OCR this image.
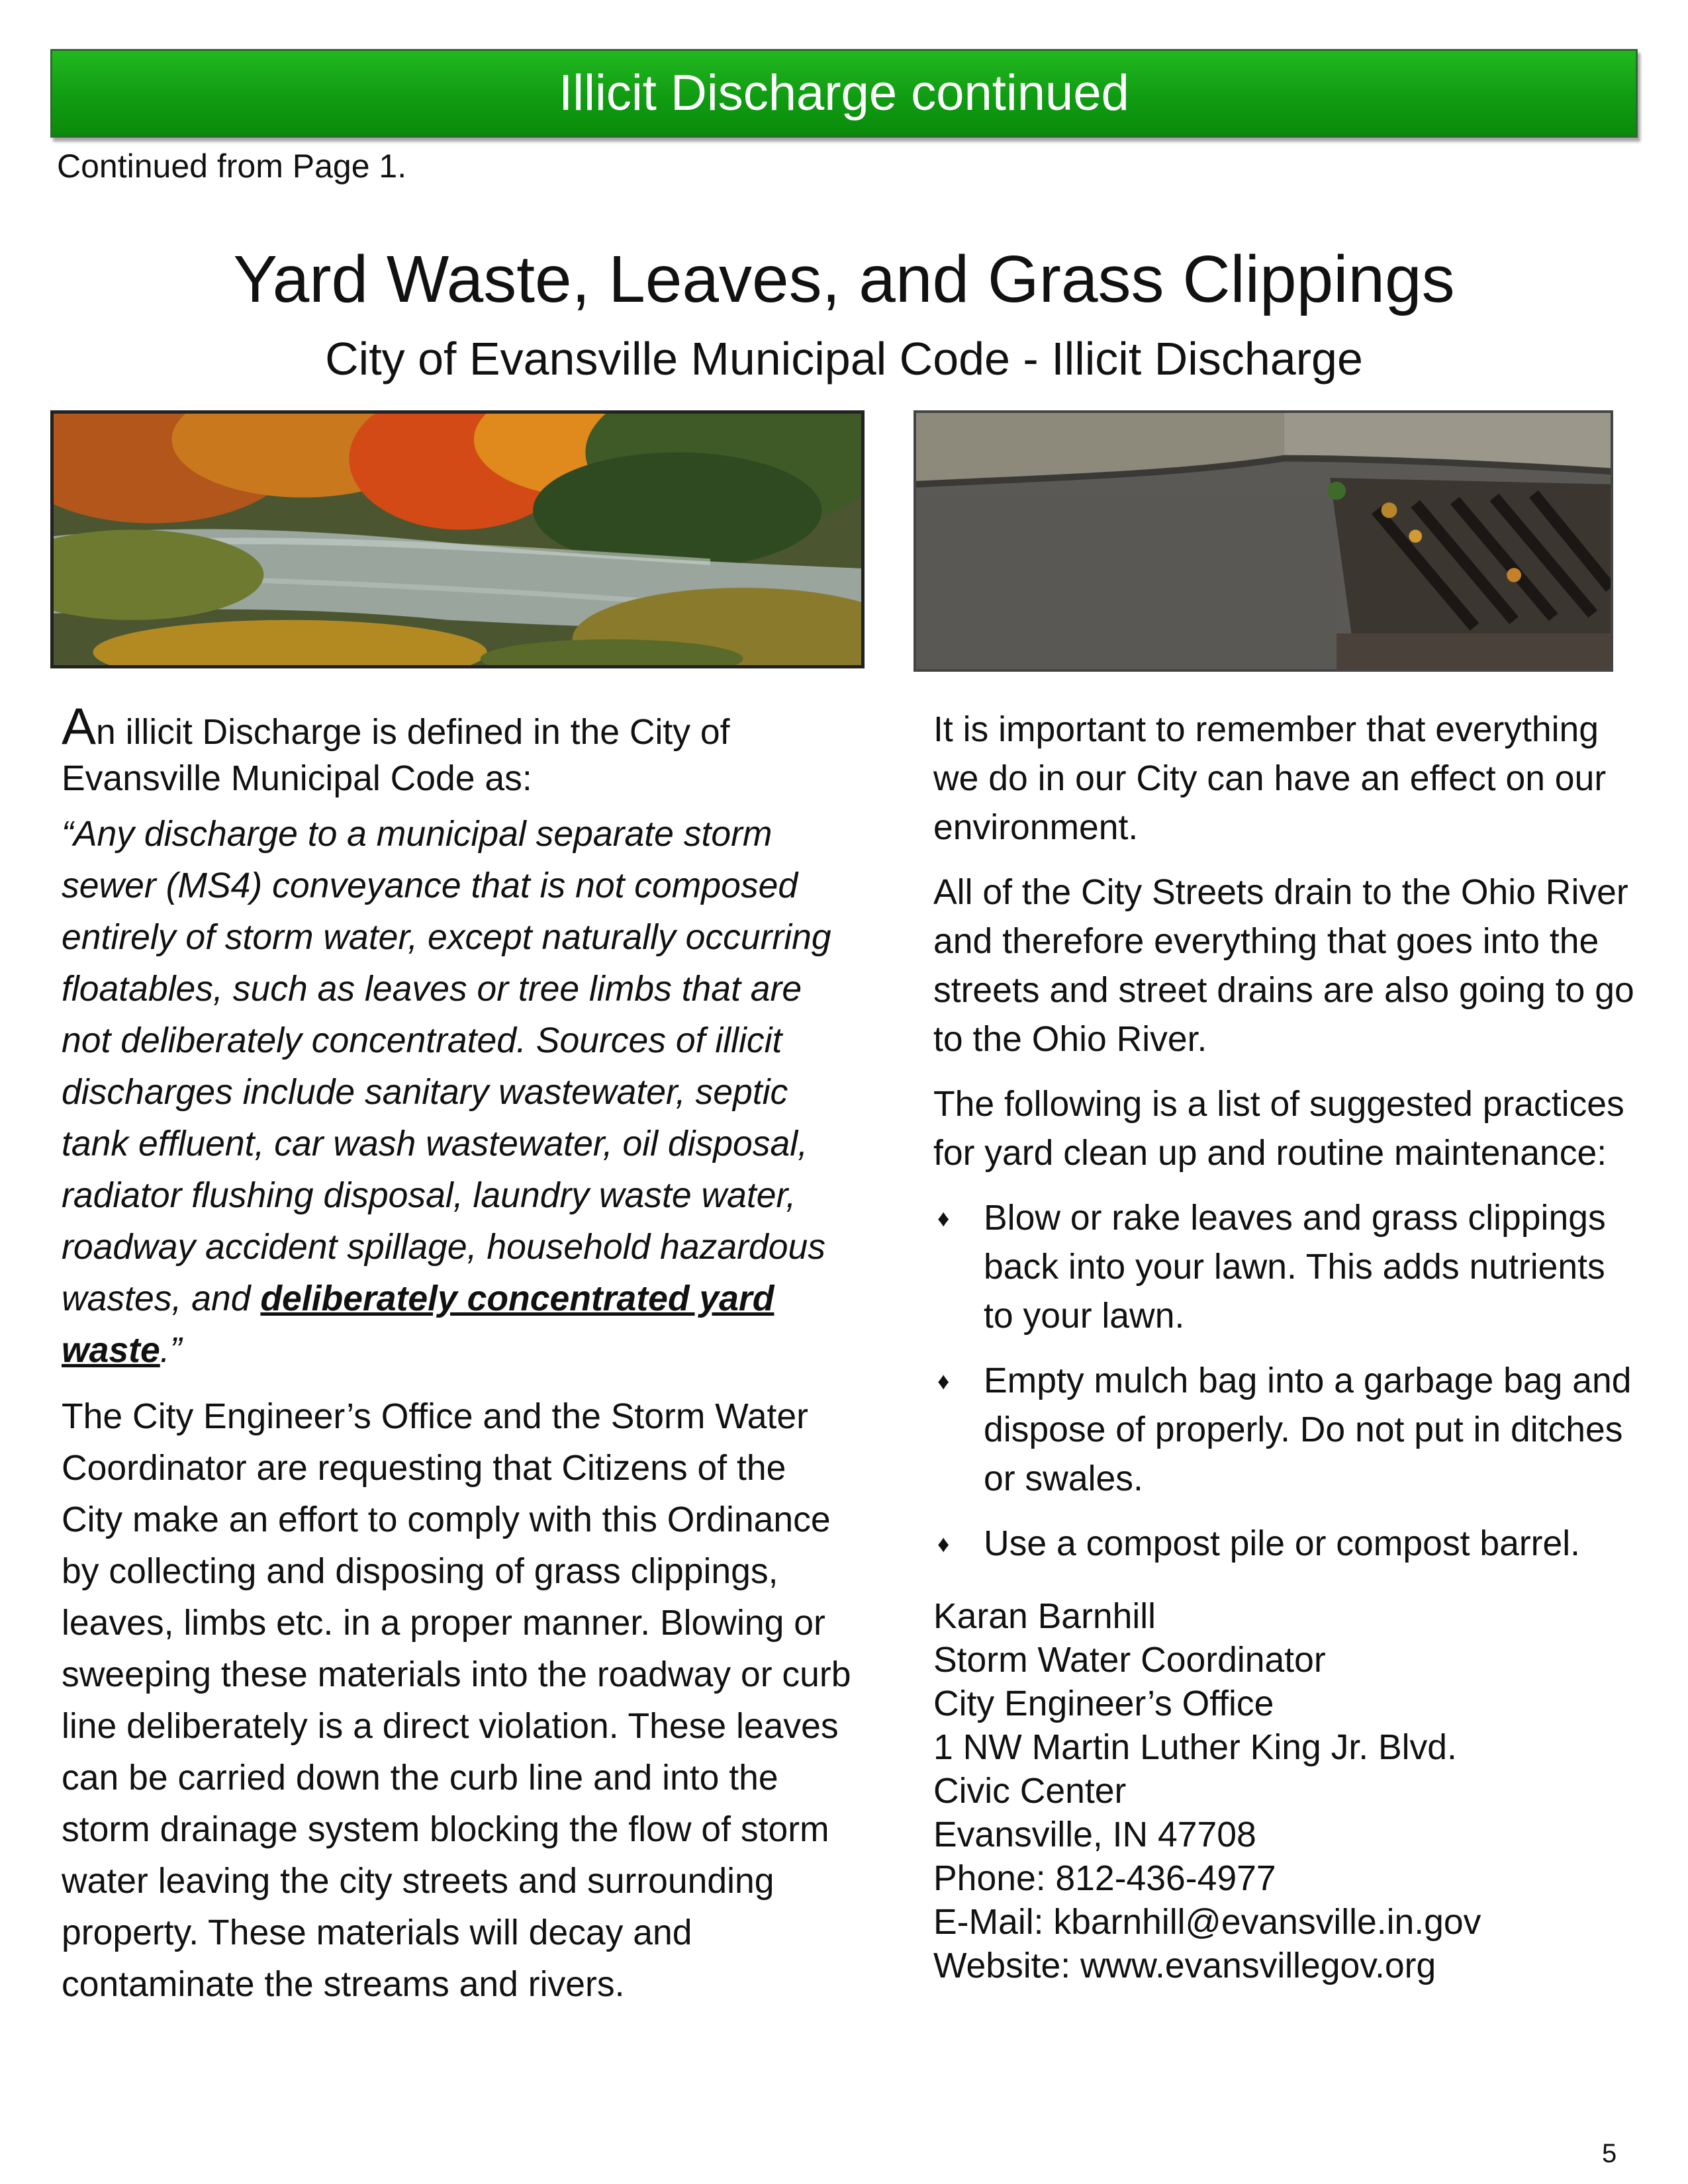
Illicit Discharge continued
Continued from Page 1.
Yard Waste, Leaves, and Grass Clippings
City of Evansville Municipal Code - Illicit Discharge

An illicit Discharge is defined in the City of Evansville Municipal Code as:

“Any discharge to a municipal separate storm sewer (MS4) conveyance that is not composed entirely of storm water, except naturally occurring floatables, such as leaves or tree limbs that are not deliberately concentrated. Sources of illicit discharges include sanitary wastewater, septic tank effluent, car wash wastewater, oil disposal, radiator flushing disposal, laundry waste water, roadway accident spillage, household hazardous wastes, and deliberately concentrated yard waste.”

The City Engineer’s Office and the Storm Water Coordinator are requesting that Citizens of the City make an effort to comply with this Ordinance by collecting and disposing of grass clippings, leaves, limbs etc. in a proper manner. Blowing or sweeping these materials into the roadway or curb line deliberately is a direct violation. These leaves can be carried down the curb line and into the storm drainage system blocking the flow of storm water leaving the city streets and surrounding property. These materials will decay and contaminate the streams and rivers.

It is important to remember that everything we do in our City can have an effect on our environment.

All of the City Streets drain to the Ohio River and therefore everything that goes into the streets and street drains are also going to go to the Ohio River.

The following is a list of suggested practices for yard clean up and routine maintenance:

♦ Blow or rake leaves and grass clippings back into your lawn. This adds nutrients to your lawn.
♦ Empty mulch bag into a garbage bag and dispose of properly. Do not put in ditches or swales.
♦ Use a compost pile or compost barrel.
Karan Barnhill
Storm Water Coordinator
City Engineer’s Office
1 NW Martin Luther King Jr. Blvd.
Civic Center
Evansville, IN 47708
Phone: 812-436-4977
E-Mail: kbarnhill@evansville.in.gov
Website: www.evansvillegov.org
5
